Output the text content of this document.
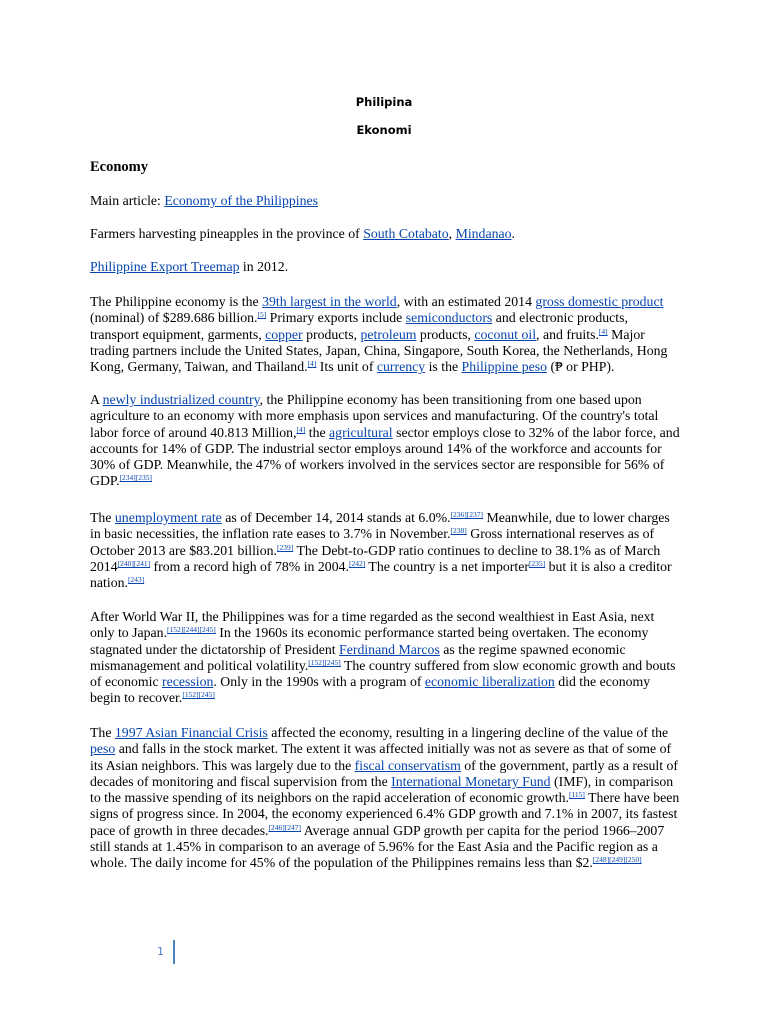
Philipina
Ekonomi
Economy
Main article: Economy of the Philippines
Farmers harvesting pineapples in the province of South Cotabato, Mindanao.
Philippine Export Treemap in 2012.
The Philippine economy is the 39th largest in the world, with an estimated 2014 gross domestic product (nominal) of $289.686 billion.[5] Primary exports include semiconductors and electronic products, transport equipment, garments, copper products, petroleum products, coconut oil, and fruits.[4] Major trading partners include the United States, Japan, China, Singapore, South Korea, the Netherlands, Hong Kong, Germany, Taiwan, and Thailand.[4] Its unit of currency is the Philippine peso (₱ or PHP).
A newly industrialized country, the Philippine economy has been transitioning from one based upon agriculture to an economy with more emphasis upon services and manufacturing. Of the country's total labor force of around 40.813 Million,[4] the agricultural sector employs close to 32% of the labor force, and accounts for 14% of GDP. The industrial sector employs around 14% of the workforce and accounts for 30% of GDP. Meanwhile, the 47% of workers involved in the services sector are responsible for 56% of GDP.[234][235]
The unemployment rate as of December 14, 2014 stands at 6.0%.[236][237] Meanwhile, due to lower charges in basic necessities, the inflation rate eases to 3.7% in November.[238] Gross international reserves as of October 2013 are $83.201 billion.[239] The Debt-to-GDP ratio continues to decline to 38.1% as of March 2014[240][241] from a record high of 78% in 2004.[242] The country is a net importer[235] but it is also a creditor nation.[243]
After World War II, the Philippines was for a time regarded as the second wealthiest in East Asia, next only to Japan.[152][244][245] In the 1960s its economic performance started being overtaken. The economy stagnated under the dictatorship of President Ferdinand Marcos as the regime spawned economic mismanagement and political volatility.[152][245] The country suffered from slow economic growth and bouts of economic recession. Only in the 1990s with a program of economic liberalization did the economy begin to recover.[152][245]
The 1997 Asian Financial Crisis affected the economy, resulting in a lingering decline of the value of the peso and falls in the stock market. The extent it was affected initially was not as severe as that of some of its Asian neighbors. This was largely due to the fiscal conservatism of the government, partly as a result of decades of monitoring and fiscal supervision from the International Monetary Fund (IMF), in comparison to the massive spending of its neighbors on the rapid acceleration of economic growth.[115] There have been signs of progress since. In 2004, the economy experienced 6.4% GDP growth and 7.1% in 2007, its fastest pace of growth in three decades.[246][247] Average annual GDP growth per capita for the period 1966–2007 still stands at 1.45% in comparison to an average of 5.96% for the East Asia and the Pacific region as a whole. The daily income for 45% of the population of the Philippines remains less than $2.[248][249][250]
1
